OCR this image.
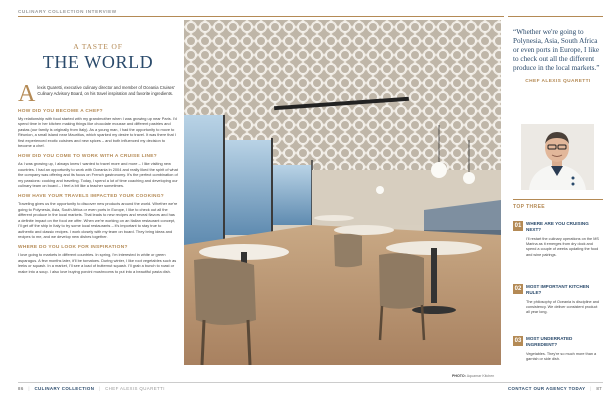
CULINARY COLLECTION INTERVIEW
A TASTE OF
THE WORLD
A lexis Quaretti, executive culinary director and member of Oceania Cruises' Culinary Advisory Board, on his travel inspiration and favorite ingredients.
HOW DID YOU BECOME A CHEF?
My relationship with food started with my grandmother when I was growing up near Paris. I'd spend time in her kitchen making things like chocolate mousse and different pastries and pastas (our family is originally from Italy). As a young man, I had the opportunity to move to Réunion, a small island near Mauritius, which sparked my desire to travel. It was there that I first experienced exotic cuisines and new spices – and both influenced my decision to become a chef.
HOW DID YOU COME TO WORK WITH A CRUISE LINE?
As I was growing up, I always knew I wanted to travel more and more – I like visiting new countries. I had an opportunity to work with Oceania in 2004 and really liked the spirit of what the company was offering and its focus on French gastronomy. It's the perfect combination of my passions: cooking and traveling. Today, I spend a lot of time coaching and developing our culinary team on board – I feel a bit like a teacher sometimes.
HOW HAVE YOUR TRAVELS IMPACTED YOUR COOKING?
Traveling gives us the opportunity to discover new products around the world. Whether we're going to Polynesia, Asia, South Africa or even ports in Europe, I like to check out all the different produce in the local markets. That leads to new recipes and reveal flavors and has a definite impact on the food we offer. When we're working on an Italian restaurant concept, I'll get off the ship in Italy to try some local restaurants – it's important to stay true to authentic and classic recipes. I work closely with my team on board. They bring ideas and recipes to me, and we develop new dishes together.
WHERE DO YOU LOOK FOR INSPIRATION?
I love going to markets in different countries. In spring, I'm interested in white or green asparagus. A few months later, it'll be tomatoes. During winter, I like root vegetables such as leeks or squash. In a market, I'll see a load of butternut squash. I'll grab a bunch to roast or make into a soup. I also love buying porcini mushrooms to put into a beautiful pasta dish.
PHOTO: Aquamar Kitchen
“Whether we're going to Polynesia, Asia, South Africa or even ports in Europe, I like to check out all the different produce in the local markets.”
CHEF ALEXIS QUARETTI
TOP THREE
01	WHERE ARE YOU CRUISING NEXT?
I'll restart the culinary operations on the MS Marina as it emerges from dry dock and spend a couple of weeks updating the food and wine pairings.
02	MOST IMPORTANT KITCHEN RULE?
The philosophy of Oceania is discipline and consistency. We deliver consistent product all year long.
03	MOST UNDERRATED INGREDIENT?
Vegetables. They're so much more than a garnish or side dish.
86 | CULINARY COLLECTION | CHEF ALEXIS QUARETTI	CONTACT OUR AGENCY TODAY | 87
